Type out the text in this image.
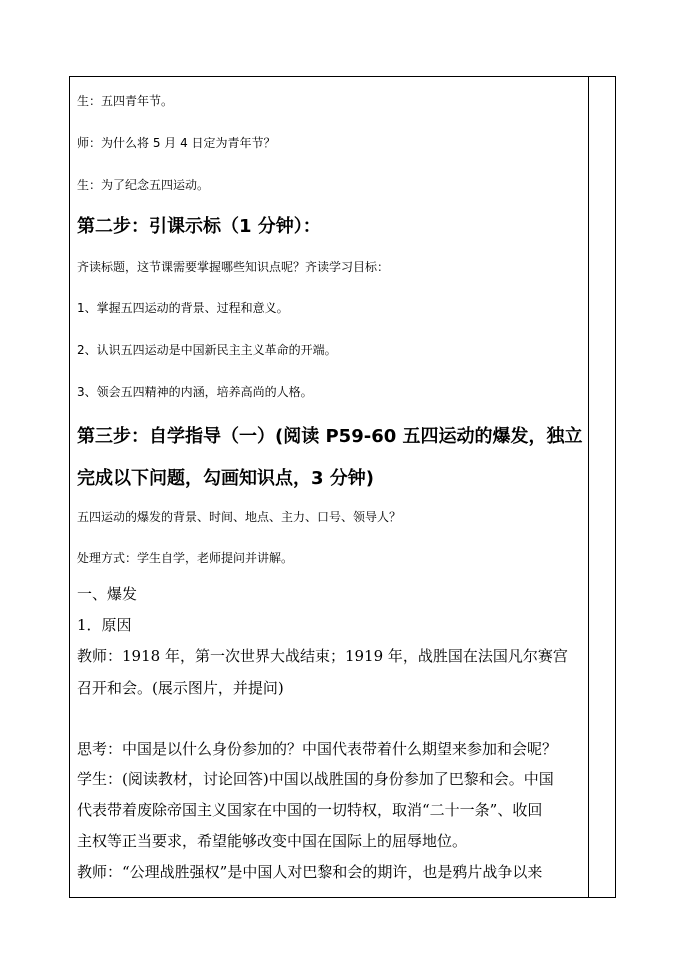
生：五四青年节。
师：为什么将 5 月 4 日定为青年节？
生：为了纪念五四运动。
第二步：引课示标（1 分钟）：
齐读标题，这节课需要掌握哪些知识点呢？齐读学习目标：
1、掌握五四运动的背景、过程和意义。
2、认识五四运动是中国新民主主义革命的开端。
3、领会五四精神的内涵，培养高尚的人格。
第三步：自学指导（一）(阅读 P59-60 五四运动的爆发，独立
完成以下问题，勾画知识点，3 分钟)
五四运动的爆发的背景、时间、地点、主力、口号、领导人？
处理方式：学生自学，老师提问并讲解。
一、爆发
1．原因
教师：1918 年，第一次世界大战结束；1919 年，战胜国在法国凡尔赛宫
召开和会。(展示图片，并提问)
思考：中国是以什么身份参加的？中国代表带着什么期望来参加和会呢？
学生：(阅读教材，讨论回答)中国以战胜国的身份参加了巴黎和会。中国
代表带着废除帝国主义国家在中国的一切特权，取消“二十一条”、收回
主权等正当要求，希望能够改变中国在国际上的屈辱地位。
教师：“公理战胜强权”是中国人对巴黎和会的期许，也是鸦片战争以来
